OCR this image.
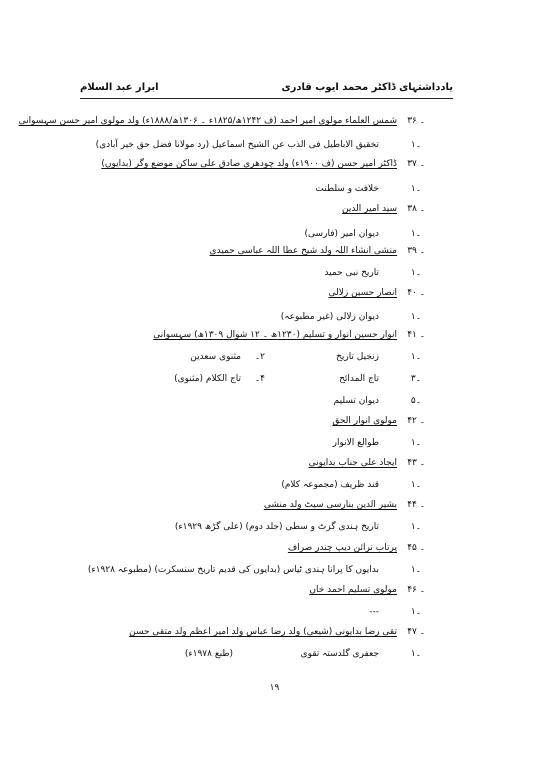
ابرار عبد السلام	یادداشتہای ڈاکٹر محمد ایوب قادری
۳۶ ۔
شمس العلماء مولوی امیر احمد (ف ۱۲۴۲ھ/۱۸۲۵ء ۔ ۱۳۰۶ھ/۱۸۸۸ء) ولد مولوی امیر حسن سہسوانی
۱۔
تخقیق الاباطیل فی الذب عن الشیخ اسماعیل (رد مولانا فضل حق خیر آبادی)
۳۷ ۔
ڈاکٹر امیر حسن (ف ۱۹۰۰ء) ولد چودھری صادق علی ساکن موضع وگر (بدایوں)
۱۔
خلافت و سلطنت
۳۸ ۔
سید امیر الدین
۱۔
دیوان امیر (فارسی)
۳۹ ۔
منشی انشاء اللہ ولد شیخ عطا اللہ عباسی حمیدی
۱۔
تاریخ نبی حمید
۴۰ ۔
انصار حسین زلالی
۱۔
دیوان زلالی (غیر مطبوعہ)
۴۱ ۔
انوار حسین انوار و تسلیم (۱۲۳۰ھ ۔ ۱۲ شوال ۱۳۰۹ھ) سہسوانی
۱۔
زنجیل تاریخ
۲۔
مثنوی سعدین
۳۔
تاج المدائح
۴۔
تاج الکلام (مثنوی)
۵۔
دیوان تسلیم
۴۲ ۔
مولوی انوار الحق
۱۔
طوالع الانوار
۴۳ ۔
ایجاد علی جناب بدایونی
۱۔
قند ظریف (مجموعہ کلام)
۴۴ ۔
بشیر الدین بنارسی سیٹ ولد منشی
۱۔
تاریخ ہندی گزٹ و سطی (جلد دوم) (علی گڑھ ۱۹۲۹ء)
۴۵ ۔
پرتاب نرائن دیپ چندر صراف
۱۔
بدایوں کا پرانا ہندی ٹیاس (بدایوں کی قدیم تاریخ سنسکرت) (مطبوعہ ۱۹۲۸ء)
۴۶ ۔
مولوی تسلیم احمد خاں
۱۔
---
۴۷ ۔
تقی رضا بدایونی (شیعی) ولد رضا عباس ولد امیر اعظم ولد متقی حسن
۱۔
جعفری گلدستہ تقوی
(طبع ۱۹۷۸ء)
۱۹
